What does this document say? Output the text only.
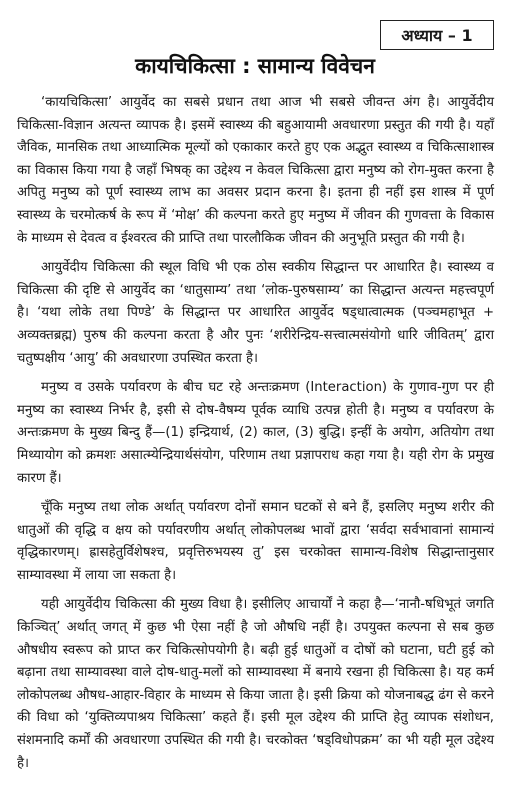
अध्याय – 1
कायचिकित्सा : सामान्य विवेचन

‘कायचिकित्सा’ आयुर्वेद का सबसे प्रधान तथा आज भी सबसे जीवन्त अंग है। आयुर्वेदीय चिकित्सा-विज्ञान अत्यन्त व्यापक है। इसमें स्वास्थ्य की बहुआयामी अवधारणा प्रस्तुत की गयी है। यहाँ जैविक, मानसिक तथा आध्यात्मिक मूल्यों को एकाकार करते हुए एक अद्भुत स्वास्थ्य व चिकित्साशास्त्र का विकास किया गया है जहाँ भिषक् का उद्देश्य न केवल चिकित्सा द्वारा मनुष्य को रोग-मुक्त करना है अपितु मनुष्य को पूर्ण स्वास्थ्य लाभ का अवसर प्रदान करना है। इतना ही नहीं इस शास्त्र में पूर्ण स्वास्थ्य के चरमोत्कर्ष के रूप में ‘मोक्ष’ की कल्पना करते हुए मनुष्य में जीवन की गुणवत्ता के विकास के माध्यम से देवत्व व ईश्वरत्व की प्राप्ति तथा पारलौकिक जीवन की अनुभूति प्रस्तुत की गयी है।

आयुर्वेदीय चिकित्सा की स्थूल विधि भी एक ठोस स्वकीय सिद्धान्त पर आधारित है। स्वास्थ्य व चिकित्सा की दृष्टि से आयुर्वेद का ‘धातुसाम्य’ तथा ‘लोक-पुरुषसाम्य’ का सिद्धान्त अत्यन्त महत्त्वपूर्ण है। ‘यथा लोके तथा पिण्डे’ के सिद्धान्त पर आधारित आयुर्वेद षड्धात्वात्मक (पञ्चमहाभूत + अव्यक्तब्रह्म) पुरुष की कल्पना करता है और पुनः ‘शरीरेन्द्रिय-सत्त्वात्मसंयोगो धारि जीवितम्’ द्वारा चतुष्पक्षीय ‘आयु’ की अवधारणा उपस्थित करता है।

मनुष्य व उसके पर्यावरण के बीच घट रहे अन्तःक्रमण (Interaction) के गुणाव-गुण पर ही मनुष्य का स्वास्थ्य निर्भर है, इसी से दोष-वैषम्य पूर्वक व्याधि उत्पन्न होती है। मनुष्य व पर्यावरण के अन्तःक्रमण के मुख्य बिन्दु हैं—(1) इन्द्रियार्थ, (2) काल, (3) बुद्धि। इन्हीं के अयोग, अतियोग तथा मिथ्यायोग को क्रमशः असात्म्येन्द्रियार्थसंयोग, परिणाम तथा प्रज्ञापराध कहा गया है। यही रोग के प्रमुख कारण हैं।

चूँकि मनुष्य तथा लोक अर्थात् पर्यावरण दोनों समान घटकों से बने हैं, इसलिए मनुष्य शरीर की धातुओं की वृद्धि व क्षय को पर्यावरणीय अर्थात् लोकोपलब्ध भावों द्वारा ‘सर्वदा सर्वभावानां सामान्यं वृद्धिकारणम्। ह्रासहेतुर्विशेषश्च, प्रवृत्तिरुभयस्य तु’ इस चरकोक्त सामान्य-विशेष सिद्धान्तानुसार साम्यावस्था में लाया जा सकता है।

यही आयुर्वेदीय चिकित्सा की मुख्य विधा है। इसीलिए आचार्यों ने कहा है—‘नानौ-षधिभूतं जगति किञ्चित्’ अर्थात् जगत् में कुछ भी ऐसा नहीं है जो औषधि नहीं है। उपयुक्त कल्पना से सब कुछ औषधीय स्वरूप को प्राप्त कर चिकित्सोपयोगी है। बढ़ी हुई धातुओं व दोषों को घटाना, घटी हुई को बढ़ाना तथा साम्यावस्था वाले दोष-धातु-मलों को साम्यावस्था में बनाये रखना ही चिकित्सा है। यह कर्म लोकोपलब्ध औषध-आहार-विहार के माध्यम से किया जाता है। इसी क्रिया को योजनाबद्ध ढंग से करने की विधा को ‘युक्तिव्यपाश्रय चिकित्सा’ कहते हैं। इसी मूल उद्देश्य की प्राप्ति हेतु व्यापक संशोधन, संशमनादि कर्मों की अवधारणा उपस्थित की गयी है। चरकोक्त ‘षड्विधोपक्रम’ का भी यही मूल उद्देश्य है।
